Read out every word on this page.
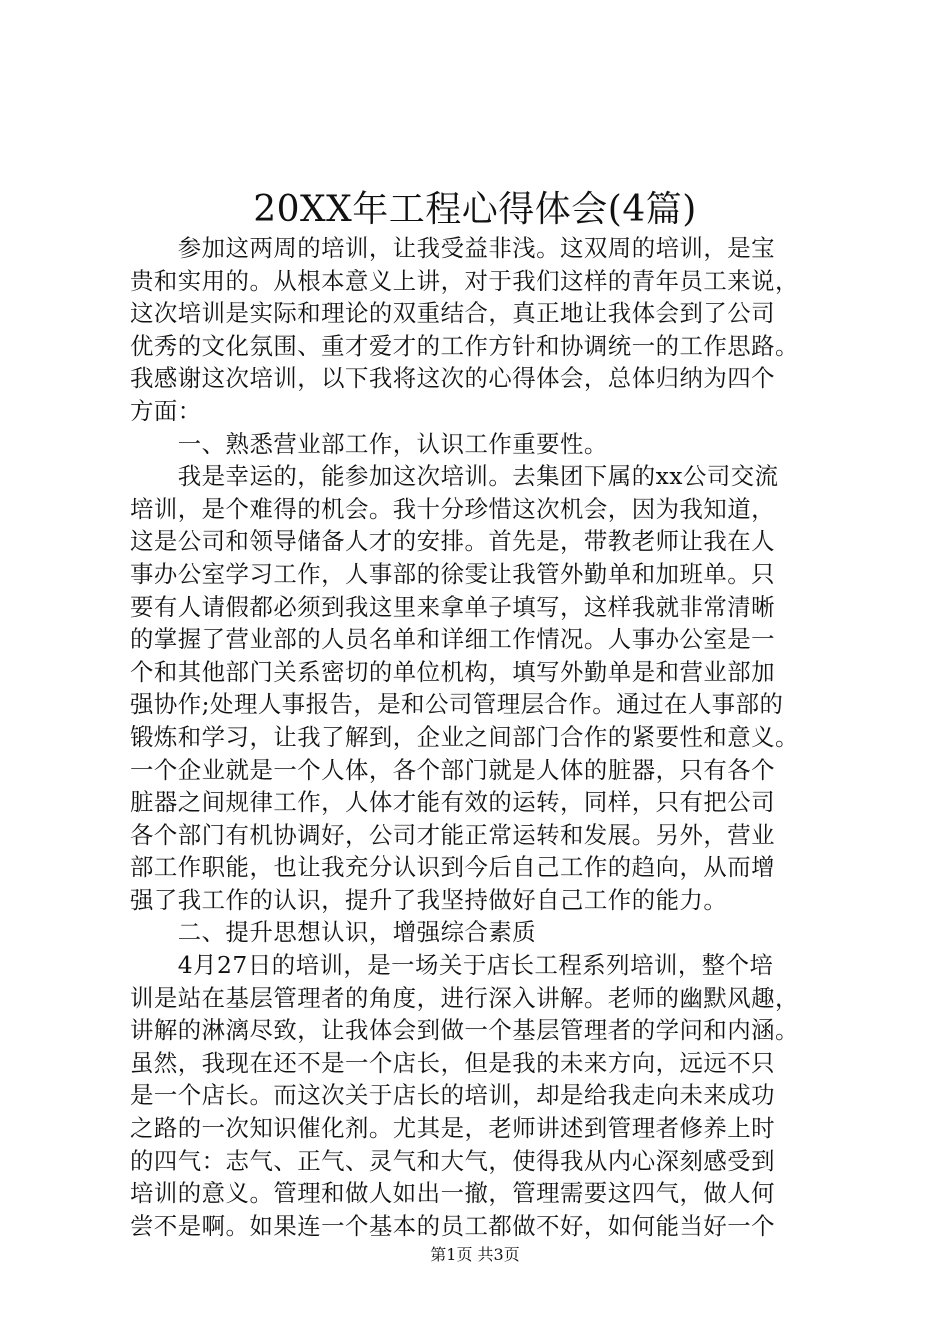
20XX年工程心得体会(4篇)
　　参加这两周的培训，让我受益非浅。这双周的培训，是宝
贵和实用的。从根本意义上讲，对于我们这样的青年员工来说，
这次培训是实际和理论的双重结合，真正地让我体会到了公司
优秀的文化氛围、重才爱才的工作方针和协调统一的工作思路。
我感谢这次培训，以下我将这次的心得体会，总体归纳为四个
方面：
　　一、熟悉营业部工作，认识工作重要性。
　　我是幸运的，能参加这次培训。去集团下属的xx公司交流
培训，是个难得的机会。我十分珍惜这次机会，因为我知道，
这是公司和领导储备人才的安排。首先是，带教老师让我在人
事办公室学习工作，人事部的徐雯让我管外勤单和加班单。只
要有人请假都必须到我这里来拿单子填写，这样我就非常清晰
的掌握了营业部的人员名单和详细工作情况。人事办公室是一
个和其他部门关系密切的单位机构，填写外勤单是和营业部加
强协作;处理人事报告，是和公司管理层合作。通过在人事部的
锻炼和学习，让我了解到，企业之间部门合作的紧要性和意义。
一个企业就是一个人体，各个部门就是人体的脏器，只有各个
脏器之间规律工作，人体才能有效的运转，同样，只有把公司
各个部门有机协调好，公司才能正常运转和发展。另外，营业
部工作职能，也让我充分认识到今后自己工作的趋向，从而增
强了我工作的认识，提升了我坚持做好自己工作的能力。
　　二、提升思想认识，增强综合素质
　　4月27日的培训，是一场关于店长工程系列培训，整个培
训是站在基层管理者的角度，进行深入讲解。老师的幽默风趣，
讲解的淋漓尽致，让我体会到做一个基层管理者的学问和内涵。
虽然，我现在还不是一个店长，但是我的未来方向，远远不只
是一个店长。而这次关于店长的培训，却是给我走向未来成功
之路的一次知识催化剂。尤其是，老师讲述到管理者修养上时
的四气：志气、正气、灵气和大气，使得我从内心深刻感受到
培训的意义。管理和做人如出一撤，管理需要这四气，做人何
尝不是啊。如果连一个基本的员工都做不好，如何能当好一个
第1页 共3页
